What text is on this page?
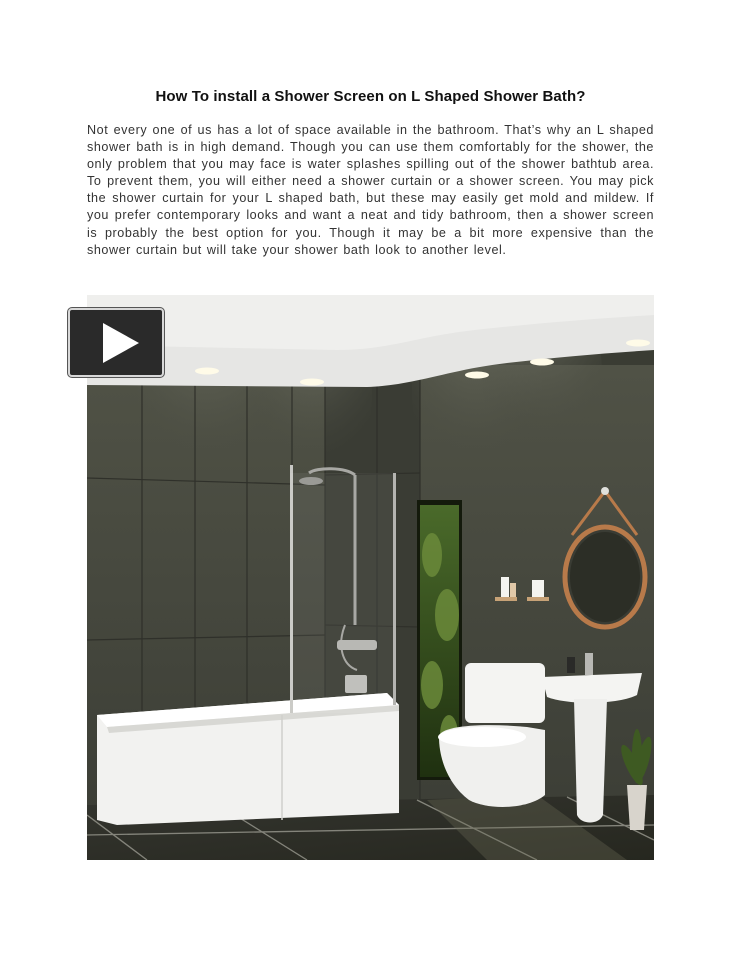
How To install a Shower Screen on L Shaped Shower Bath?
Not every one of us has a lot of space available in the bathroom. That’s why an L shaped shower bath is in high demand. Though you can use them comfortably for the shower, the only problem that you may face is water splashes spilling out of the shower bathtub area. To prevent them, you will either need a shower curtain or a shower screen. You may pick the shower curtain for your L shaped bath, but these may easily get mold and mildew. If you prefer contemporary looks and want a neat and tidy bathroom, then a shower screen is probably the best option for you. Though it may be a bit more expensive than the shower curtain but will take your shower bath look to another level.
